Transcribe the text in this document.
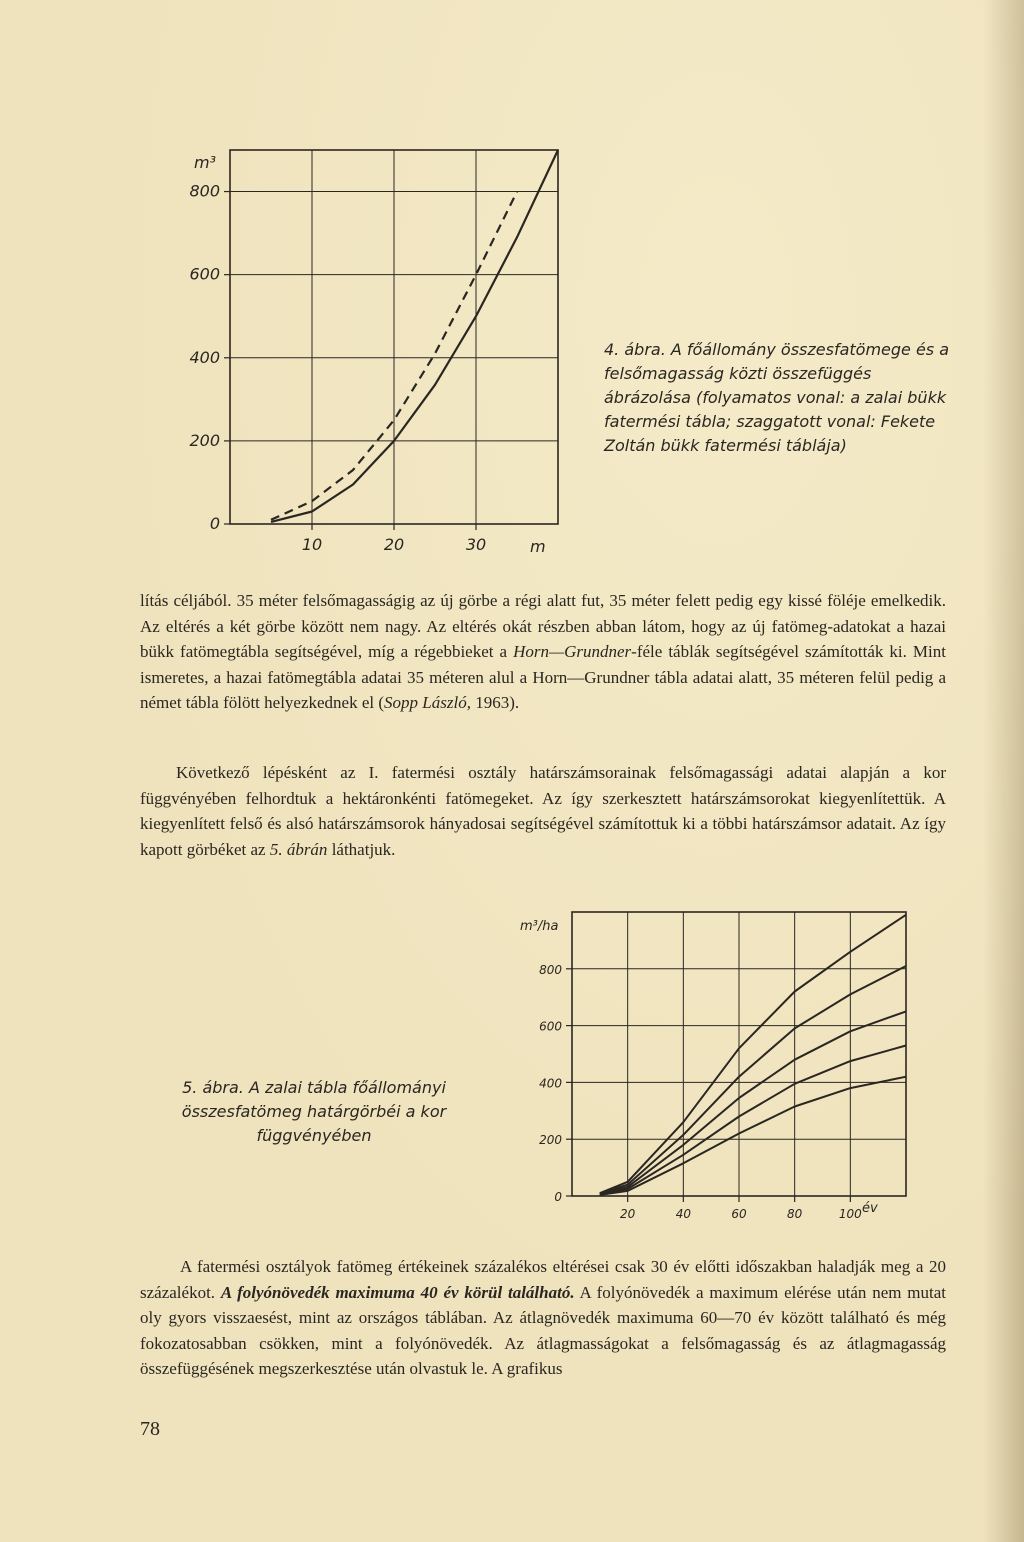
m³
800
600
400
200
0
10	20	30	m
4. ábra. A főállomány összesfatömege és a felsőmagasság közti összefüggés ábrázolása (folyamatos vonal: a zalai bükk fatermési tábla; szaggatott vonal: Fekete Zoltán bükk fatermési táblája)
lítás céljából. 35 méter felsőmagasságig az új görbe a régi alatt fut, 35 méter felett pedig egy kissé föléje emelkedik. Az eltérés a két görbe között nem nagy. Az eltérés okát részben abban látom, hogy az új fatömeg-adatokat a hazai bükk fatömegtábla segítségével, míg a régebbieket a Horn—Grundner-féle táblák segítségével számították ki. Mint ismeretes, a hazai fatömegtábla adatai 35 méteren alul a Horn—Grundner tábla adatai alatt, 35 méteren felül pedig a német tábla fölött helyezkednek el (Sopp László, 1963).
Következő lépésként az I. fatermési osztály határszámsorainak felsőmagassági adatai alapján a kor függvényében felhordtuk a hektáronkénti fatömegeket. Az így szerkesztett határszámsorokat kiegyenlítettük. A kiegyenlített felső és alsó határszámsorok hányadosai segítségével számítottuk ki a többi határszámsor adatait. Az így kapott görbéket az 5. ábrán láthatjuk.
m³/ha
800
600
400
200
0
20	40	60	80	100 év
5. ábra. A zalai tábla főállományi összesfatömeg határgörbéi a kor függvényében
A fatermési osztályok fatömeg értékeinek százalékos eltérései csak 30 év előtti időszakban haladják meg a 20 százalékot. A folyónövedék maximuma 40 év körül található. A folyónövedék a maximum elérése után nem mutat oly gyors visszaesést, mint az országos táblában. Az átlagnövedék maximuma 60—70 év között található és még fokozatosabban csökken, mint a folyónövedék. Az átlagmasságokat a felsőmagasság és az átlagmagasság összefüggésének megszerkesztése után olvastuk le. A grafikus
78
